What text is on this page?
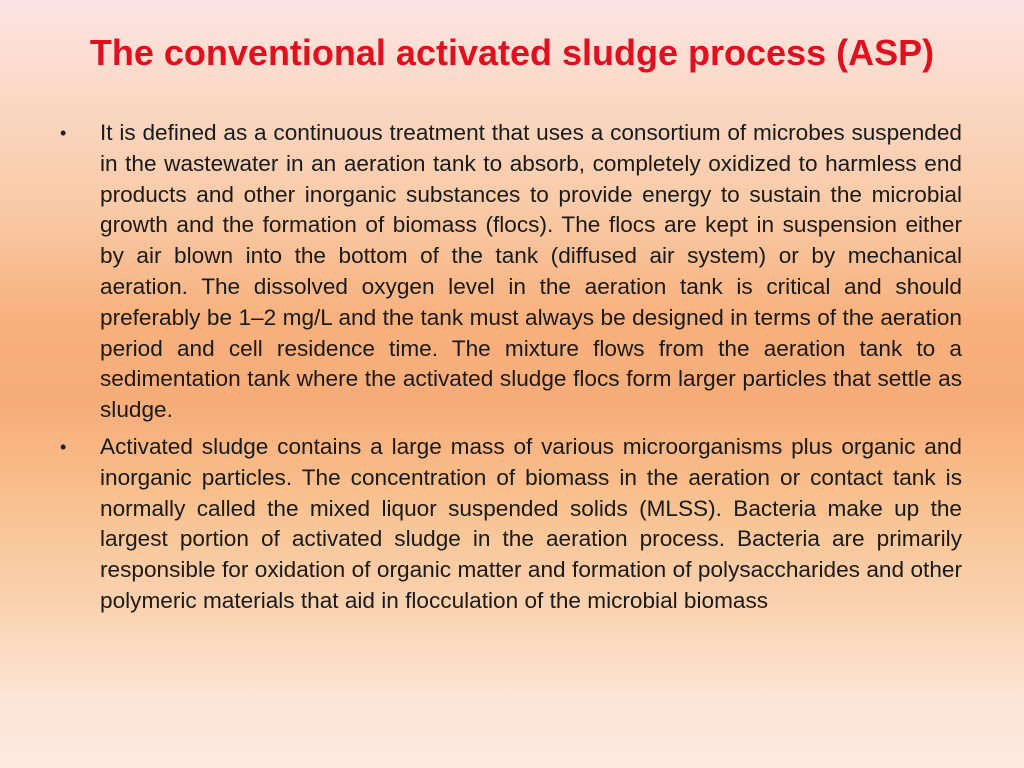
The conventional activated sludge process (ASP)
• It is defined as a continuous treatment that uses a consortium of microbes suspended in the wastewater in an aeration tank to absorb, completely oxidized to harmless end products and other inorganic substances to provide energy to sustain the microbial growth and the formation of biomass (flocs). The flocs are kept in suspension either by air blown into the bottom of the tank (diffused air system) or by mechanical aeration. The dissolved oxygen level in the aeration tank is critical and should preferably be 1–2 mg/L and the tank must always be designed in terms of the aeration period and cell residence time. The mixture flows from the aeration tank to a sedimentation tank where the activated sludge flocs form larger particles that settle as sludge.
• Activated sludge contains a large mass of various microorganisms plus organic and inorganic particles. The concentration of biomass in the aeration or contact tank is normally called the mixed liquor suspended solids (MLSS). Bacteria make up the largest portion of activated sludge in the aeration process. Bacteria are primarily responsible for oxidation of organic matter and formation of polysaccharides and other polymeric materials that aid in flocculation of the microbial biomass
